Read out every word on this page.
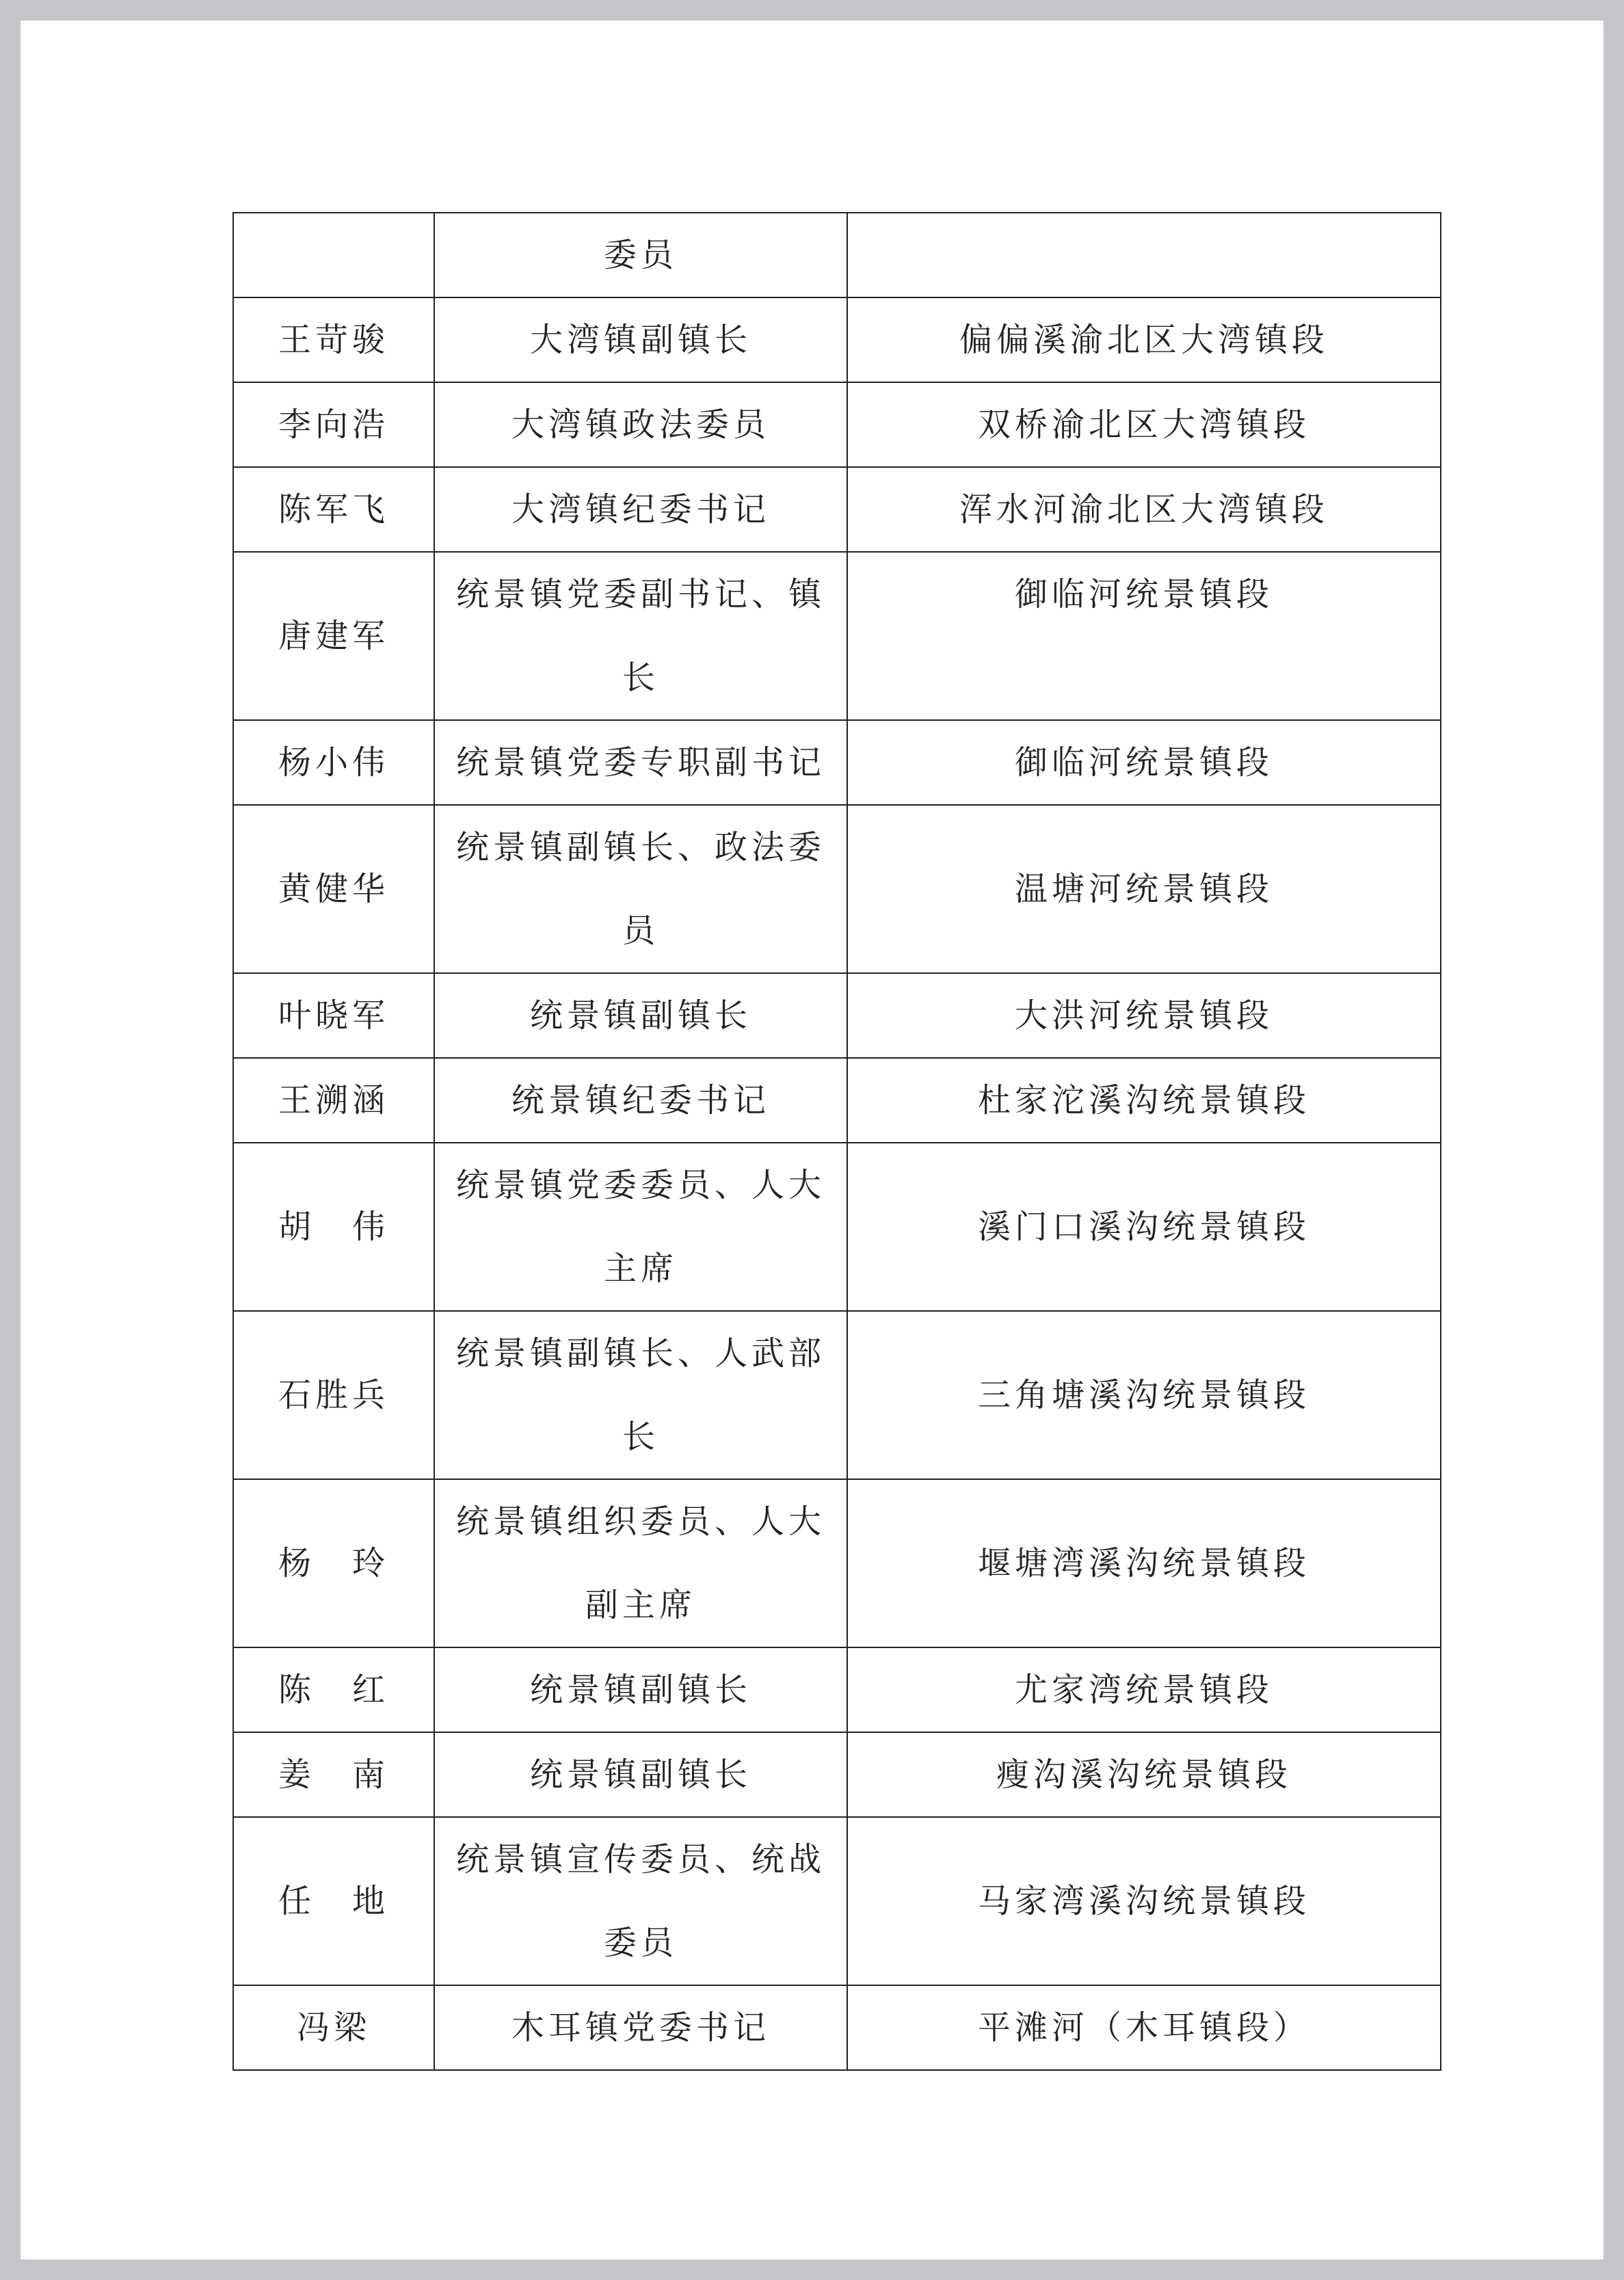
	委员	

王苛骏	大湾镇副镇长	偏偏溪渝北区大湾镇段

李向浩	大湾镇政法委员	双桥渝北区大湾镇段

陈军飞	大湾镇纪委书记	浑水河渝北区大湾镇段

唐建军	统景镇党委副书记、镇长	御临河统景镇段

杨小伟	统景镇党委专职副书记	御临河统景镇段

黄健华	统景镇副镇长、政法委员	温塘河统景镇段

叶晓军	统景镇副镇长	大洪河统景镇段

王溯涵	统景镇纪委书记	杜家沱溪沟统景镇段

胡　伟	统景镇党委委员、人大主席	溪门口溪沟统景镇段

石胜兵	统景镇副镇长、人武部长	三角塘溪沟统景镇段

杨　玲	统景镇组织委员、人大副主席	堰塘湾溪沟统景镇段

陈　红	统景镇副镇长	尤家湾统景镇段

姜　南	统景镇副镇长	瘦沟溪沟统景镇段

任　地	统景镇宣传委员、统战委员	马家湾溪沟统景镇段

冯梁	木耳镇党委书记	平滩河（木耳镇段）
